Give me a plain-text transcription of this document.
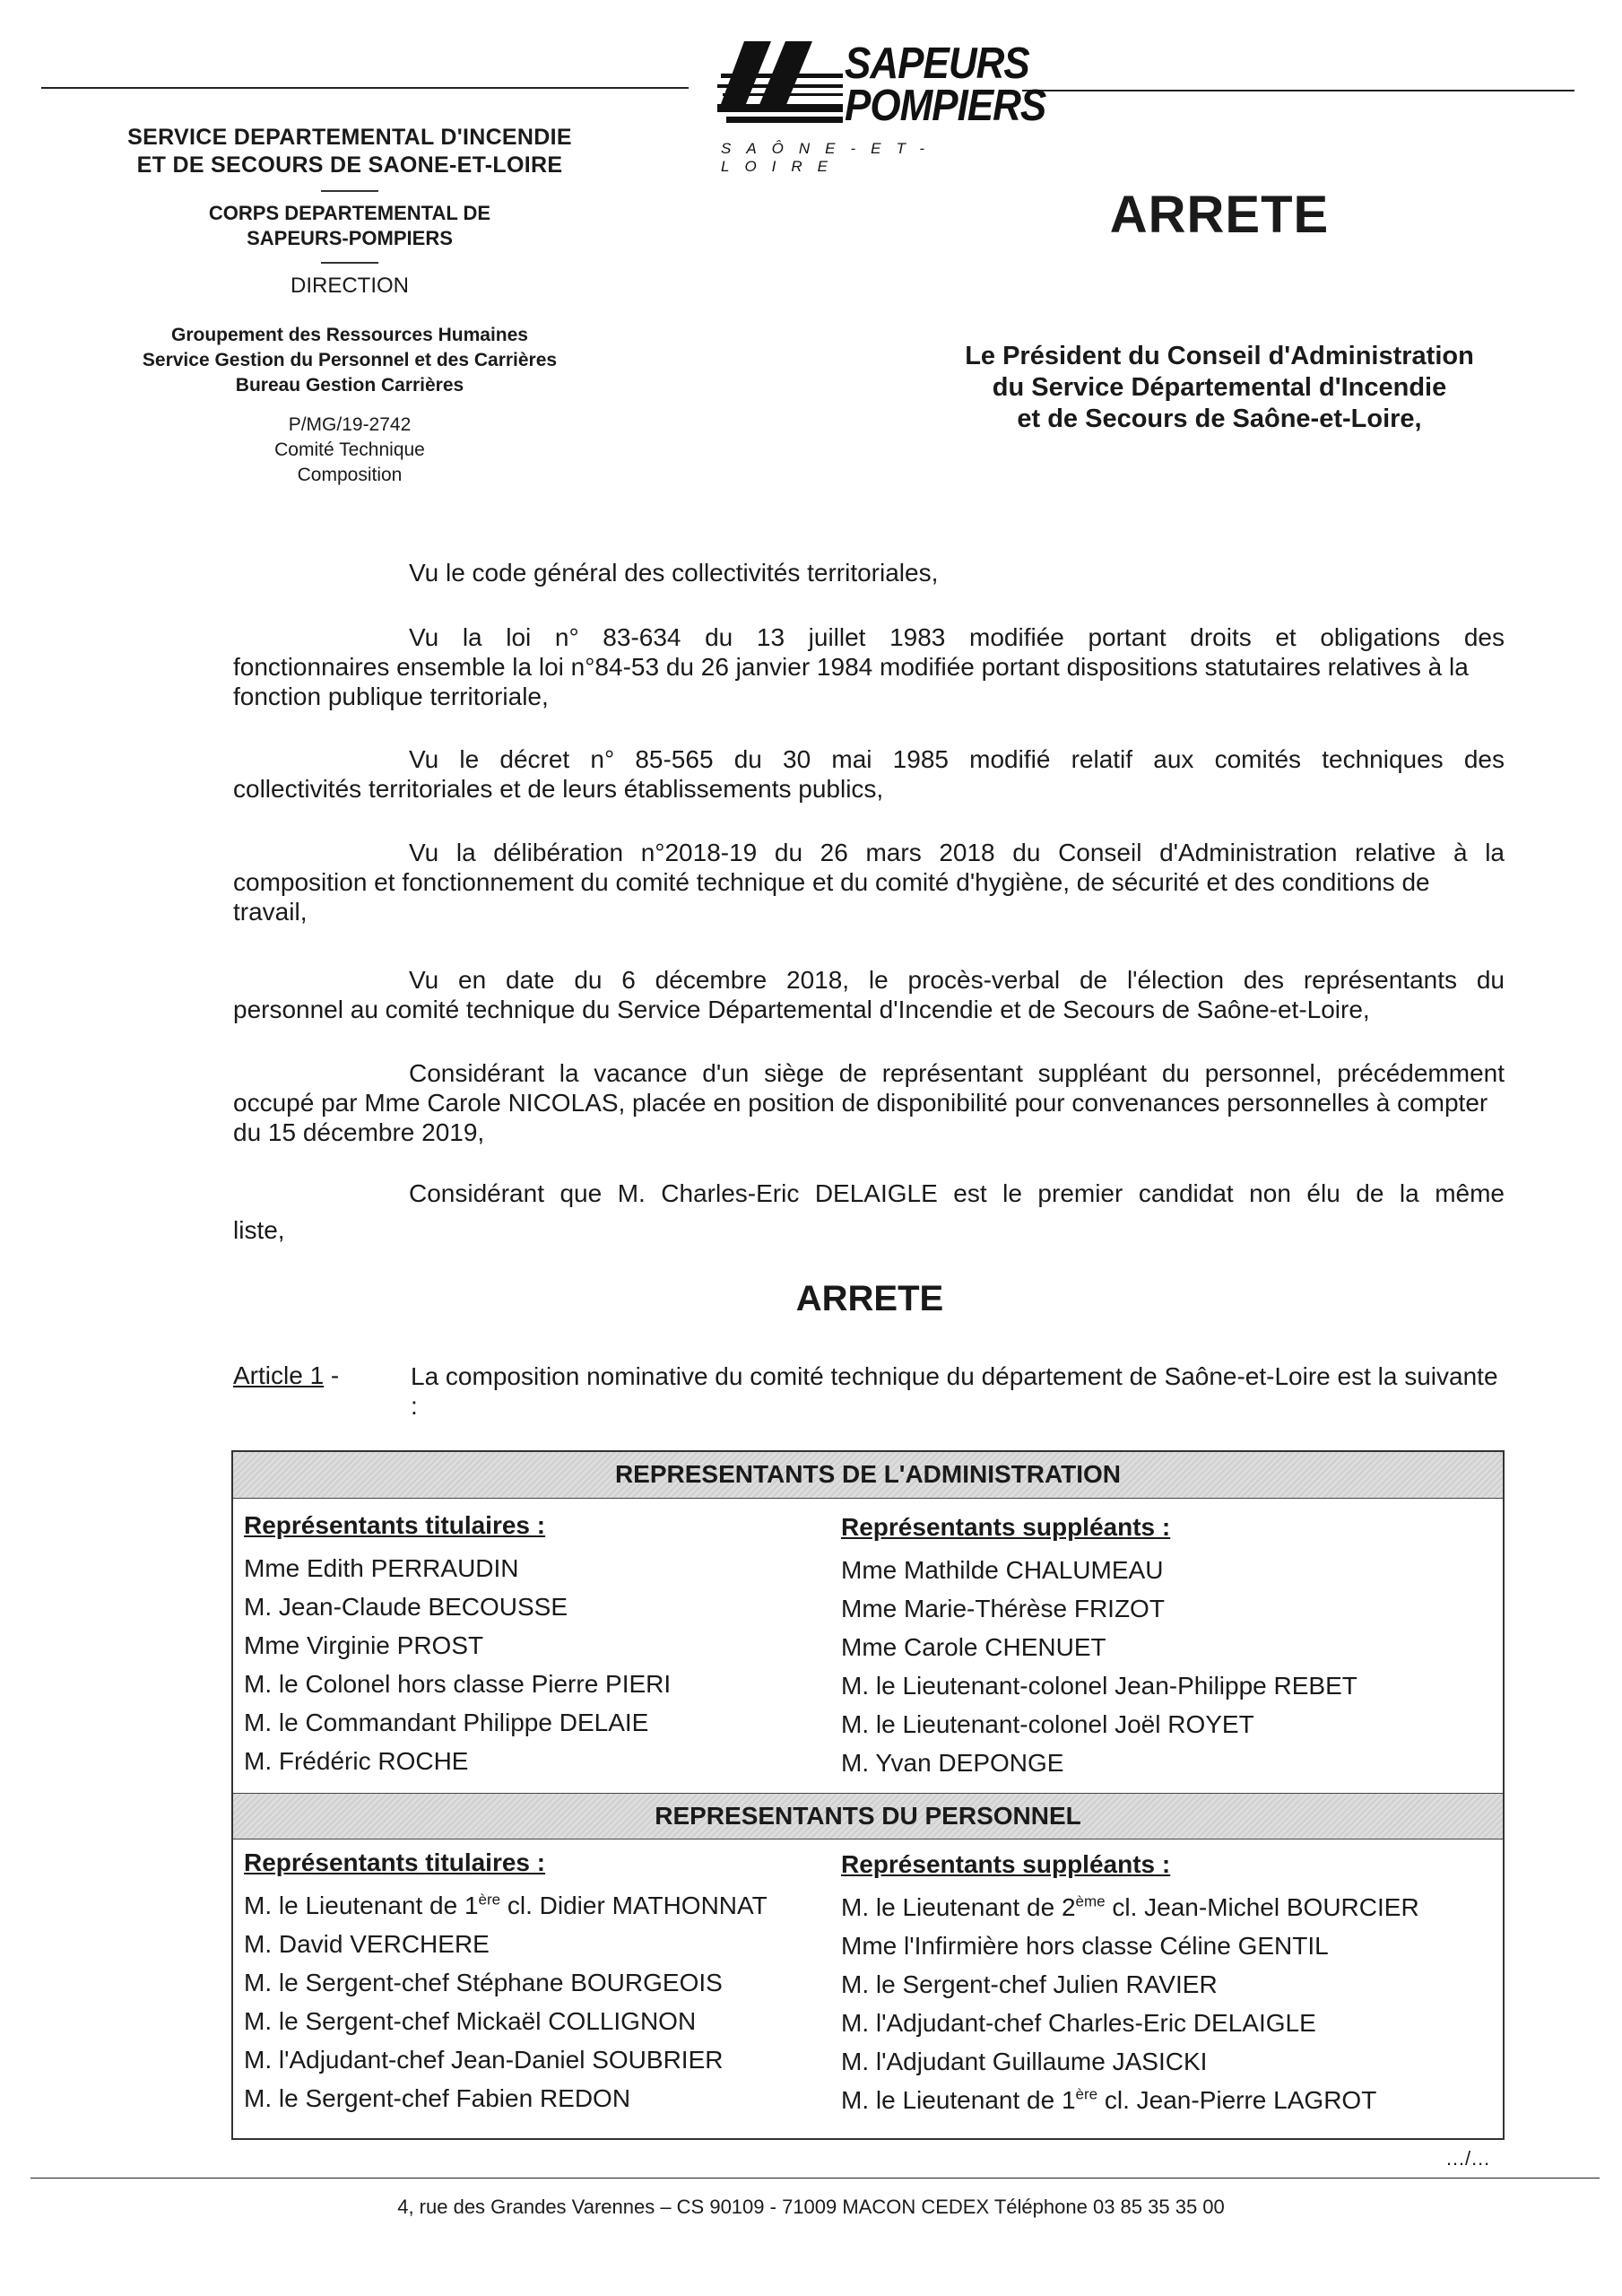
SAPEURS
POMPIERS
SAÔNE-ET-LOIRE
SERVICE DEPARTEMENTAL D'INCENDIE
ET DE SECOURS DE SAONE-ET-LOIRE
CORPS DEPARTEMENTAL DE
SAPEURS-POMPIERS
DIRECTION
Groupement des Ressources Humaines
Service Gestion du Personnel et des Carrières
Bureau Gestion Carrières
P/MG/19-2742
Comité Technique
Composition
ARRETE
Le Président du Conseil d'Administration
du Service Départemental d'Incendie
et de Secours de Saône-et-Loire,
Vu le code général des collectivités territoriales,
Vu la loi n° 83-634 du 13 juillet 1983 modifiée portant droits et obligations des
fonctionnaires ensemble la loi n°84-53 du 26 janvier 1984 modifiée portant dispositions statutaires relatives à la fonction publique territoriale,
Vu le décret n° 85-565 du 30 mai 1985 modifié relatif aux comités techniques des
collectivités territoriales et de leurs établissements publics,
Vu la délibération n°2018-19 du 26 mars 2018 du Conseil d'Administration relative à la
composition et fonctionnement du comité technique et du comité d'hygiène, de sécurité et des conditions de travail,
Vu en date du 6 décembre 2018, le procès-verbal de l'élection des représentants du
personnel au comité technique du Service Départemental d'Incendie et de Secours de Saône-et-Loire,
Considérant la vacance d'un siège de représentant suppléant du personnel, précédemment
occupé par Mme Carole NICOLAS, placée en position de disponibilité pour convenances personnelles à compter du 15 décembre 2019,
Considérant que M. Charles-Eric DELAIGLE est le premier candidat non élu de la même
liste,
ARRETE
Article 1 -	La composition nominative du comité technique du département de Saône-et-Loire est la suivante :
REPRESENTANTS DE L'ADMINISTRATION
Représentants titulaires :
Mme Edith PERRAUDIN
M. Jean-Claude BECOUSSE
Mme Virginie PROST
M. le Colonel hors classe Pierre PIERI
M. le Commandant Philippe DELAIE
M. Frédéric ROCHE
Représentants suppléants :
Mme Mathilde CHALUMEAU
Mme Marie-Thérèse FRIZOT
Mme Carole CHENUET
M. le Lieutenant-colonel Jean-Philippe REBET
M. le Lieutenant-colonel Joël ROYET
M. Yvan DEPONGE
REPRESENTANTS DU PERSONNEL
Représentants titulaires :
M. le Lieutenant de 1ère cl. Didier MATHONNAT
M. David VERCHERE
M. le Sergent-chef Stéphane BOURGEOIS
M. le Sergent-chef Mickaël COLLIGNON
M. l'Adjudant-chef Jean-Daniel SOUBRIER
M. le Sergent-chef Fabien REDON
Représentants suppléants :
M. le Lieutenant de 2ème cl. Jean-Michel BOURCIER
Mme l'Infirmière hors classe Céline GENTIL
M. le Sergent-chef Julien RAVIER
M. l'Adjudant-chef Charles-Eric DELAIGLE
M. l'Adjudant Guillaume JASICKI
M. le Lieutenant de 1ère cl. Jean-Pierre LAGROT
…/…
4, rue des Grandes Varennes – CS 90109 - 71009 MACON CEDEX Téléphone 03 85 35 35 00
